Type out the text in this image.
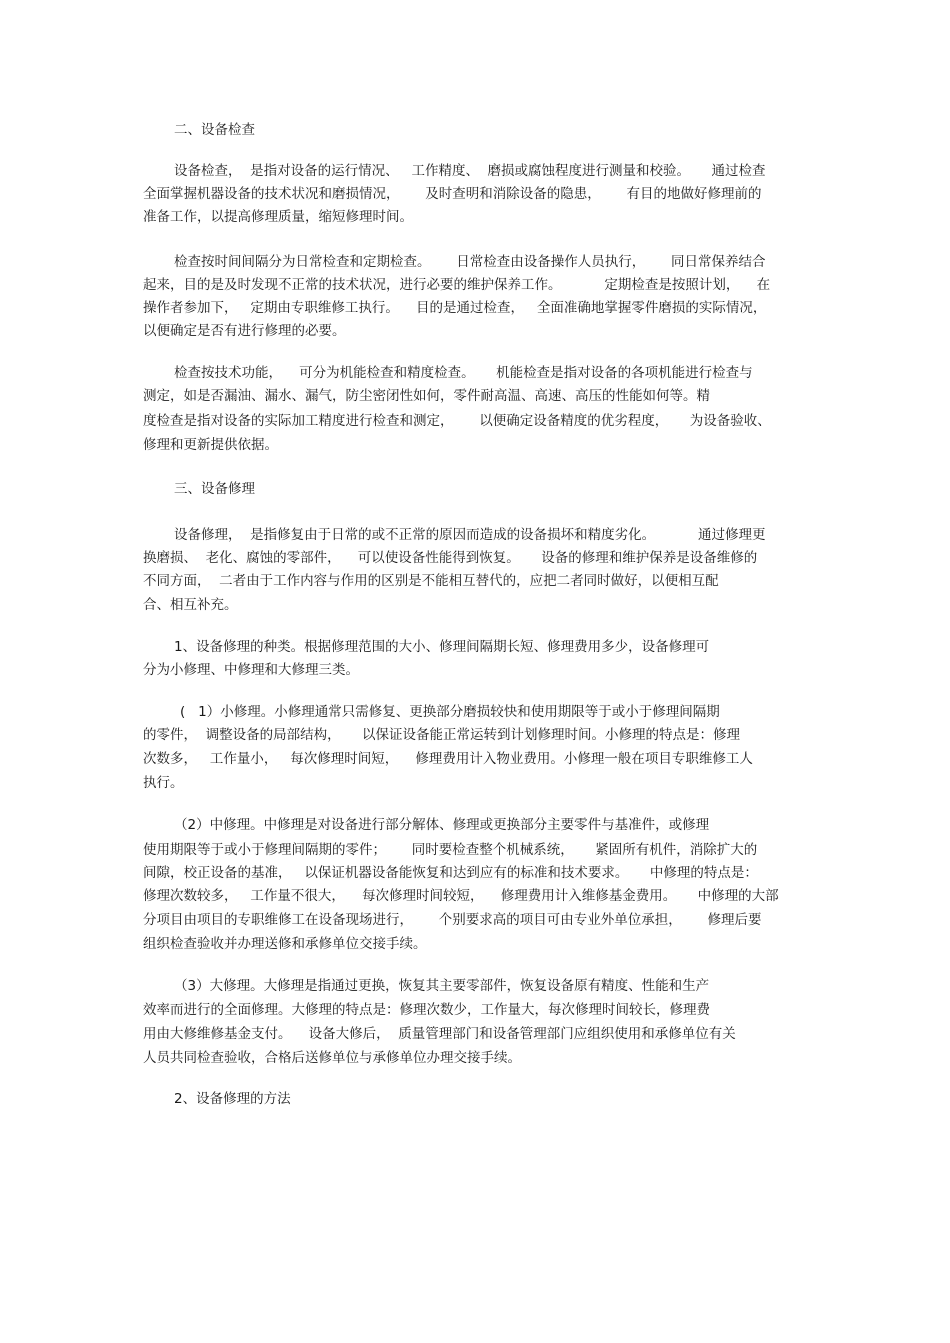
二、设备检查
设备检查，  是指对设备的运行情况、   工作精度、  磨损或腐蚀程度进行测量和校验。     通过检查
全面掌握机器设备的技术状况和磨损情况，      及时查明和消除设备的隐患，      有目的地做好修理前的
准备工作，以提高修理质量，缩短修理时间。
检查按时间间隔分为日常检查和定期检查。      日常检查由设备操作人员执行，      同日常保养结合
起来，目的是及时发现不正常的技术状况，进行必要的维护保养工作。          定期检查是按照计划，    在
操作者参加下，   定期由专职维修工执行。    目的是通过检查，   全面准确地掌握零件磨损的实际情况，
以便确定是否有进行修理的必要。
检查按技术功能，    可分为机能检查和精度检查。     机能检查是指对设备的各项机能进行检查与
测定，如是否漏油、漏水、漏气，防尘密闭性如何，零件耐高温、高速、高压的性能如何等。精
度检查是指对设备的实际加工精度进行检查和测定，      以便确定设备精度的优劣程度，     为设备验收、
修理和更新提供依据。
三、设备修理
设备修理，  是指修复由于日常的或不正常的原因而造成的设备损坏和精度劣化。          通过修理更
换磨损、  老化、腐蚀的零部件，    可以使设备性能得到恢复。     设备的修理和维护保养是设备维修的
不同方面，  二者由于工作内容与作用的区别是不能相互替代的，应把二者同时做好，以便相互配
合、相互补充。
1、设备修理的种类。根据修理范围的大小、修理间隔期长短、修理费用多少，设备修理可
分为小修理、中修理和大修理三类。
(   1）小修理。小修理通常只需修复、更换部分磨损较快和使用期限等于或小于修理间隔期
的零件，  调整设备的局部结构，     以保证设备能正常运转到计划修理时间。小修理的特点是：修理
次数多，   工作量小，   每次修理时间短，    修理费用计入物业费用。小修理一般在项目专职维修工人
执行。
（2）中修理。中修理是对设备进行部分解体、修理或更换部分主要零件与基准件，或修理
使用期限等于或小于修理间隔期的零件；      同时要检查整个机械系统，     紧固所有机件，消除扩大的
间隙，校正设备的基准，   以保证机器设备能恢复和达到应有的标准和技术要求。     中修理的特点是：
修理次数较多，   工作量不很大，    每次修理时间较短，    修理费用计入维修基金费用。     中修理的大部
分项目由项目的专职维修工在设备现场进行，      个别要求高的项目可由专业外单位承担，      修理后要
组织检查验收并办理送修和承修单位交接手续。
（3）大修理。大修理是指通过更换，恢复其主要零部件，恢复设备原有精度、性能和生产
效率而进行的全面修理。大修理的特点是：修理次数少，工作量大，每次修理时间较长，修理费
用由大修维修基金支付。    设备大修后，  质量管理部门和设备管理部门应组织使用和承修单位有关
人员共同检查验收，合格后送修单位与承修单位办理交接手续。
2、设备修理的方法
